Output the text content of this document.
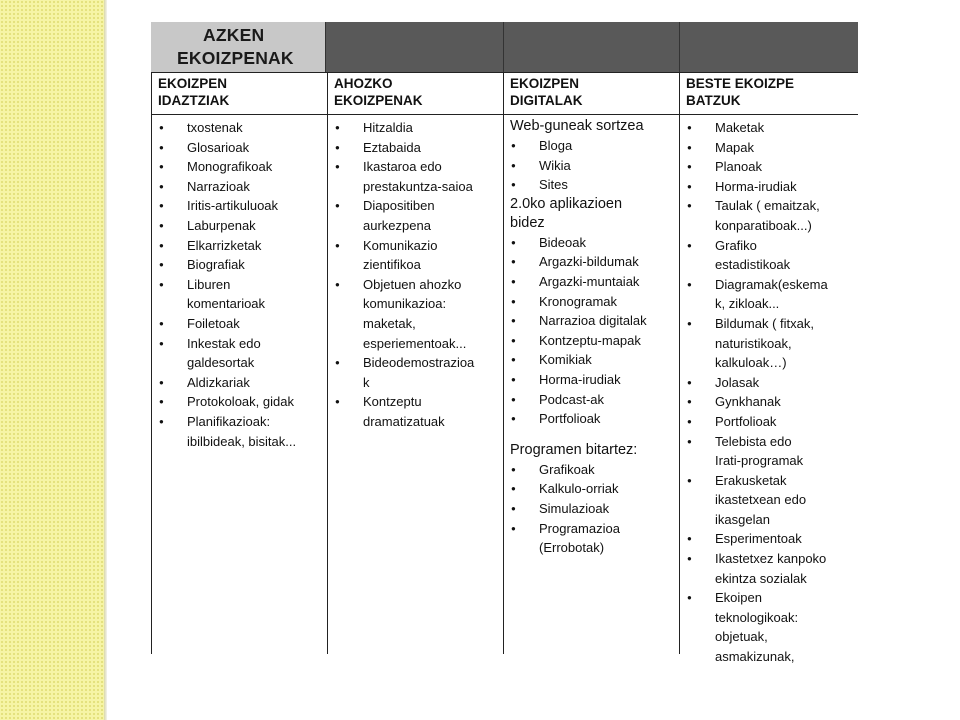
AZKEN
EKOIZPENAK
EKOIZPEN
IDAZTZIAK
● txostenak
● Glosarioak
● Monografikoak
● Narrazioak
● Iritis-artikuluoak
● Laburpenak
● Elkarrizketak
● Biografiak
● Liburen
komentarioak
● Foiletoak
● Inkestak edo
galdesortak
● Aldizkariak
● Protokoloak, gidak
● Planifikazioak:
ibilbideak, bisitak...
AHOZKO
EKOIZPENAK
● Hitzaldia
● Eztabaida
● Ikastaroa edo
prestakuntza-saioa
● Diapositiben
aurkezpena
● Komunikazio
zientifikoa
● Objetuen ahozko
komunikazioa:
maketak,
esperiementoak...
● Bideodemostrazioa
k
● Kontzeptu
dramatizatuak
EKOIZPEN
DIGITALAK
Web-guneak sortzea
● Bloga
● Wikia
● Sites
2.0ko aplikazioen
bidez
● Bideoak
● Argazki-bildumak
● Argazki-muntaiak
● Kronogramak
● Narrazioa digitalak
● Kontzeptu-mapak
● Komikiak
● Horma-irudiak
● Podcast-ak
● Portfolioak
Programen bitartez:
● Grafikoak
● Kalkulo-orriak
● Simulazioak
● Programazioa
(Errobotak)
BESTE EKOIZPE
BATZUK
● Maketak
● Mapak
● Planoak
● Horma-irudiak
● Taulak ( emaitzak,
konparatiboak...)
● Grafiko
estadistikoak
● Diagramak(eskema
k, zikloak...
● Bildumak ( fitxak,
naturistikoak,
kalkuloak…)
● Jolasak
● Gynkhanak
● Portfolioak
● Telebista edo
Irati-programak
● Erakusketak
ikastetxean edo
ikasgelan
● Esperimentoak
● Ikastetxez kanpoko
ekintza sozialak
● Ekoipen
teknologikoak:
objetuak,
asmakizunak,
